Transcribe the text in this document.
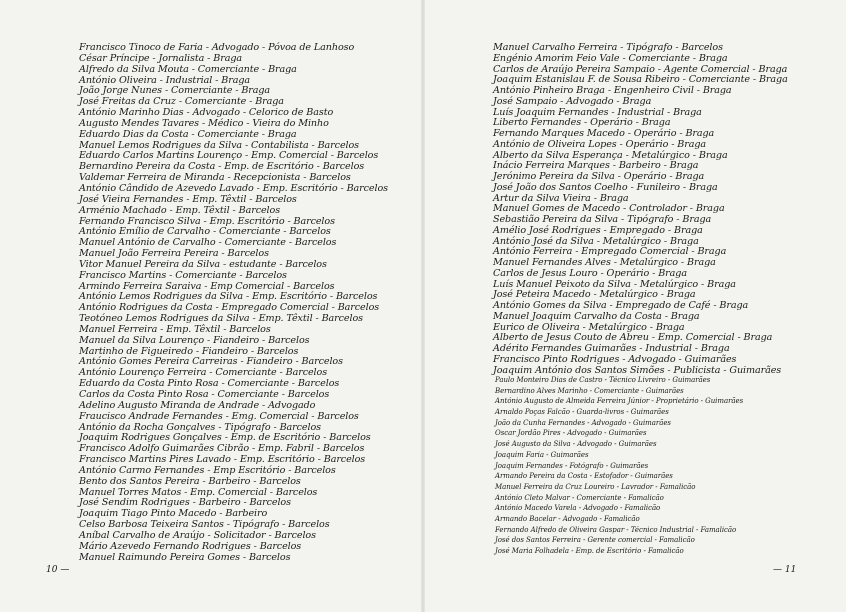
Francisco Tinoco de Faria - Advogado - Póvoa de Lanhoso
César Príncipe - Jornalista - Braga
Alfredo da Silva Mouta - Comerciante - Braga
António Oliveira - Industrial - Braga
João Jorge Nunes - Comerciante - Braga
José Freitas da Cruz - Comerciante - Braga
António Marinho Dias - Advogado - Celorico de Basto
Augusto Mendes Tavares - Médico - Vieira do Minho
Eduardo Dias da Costa - Comerciante - Braga
Manuel Lemos Rodrigues da Silva - Contabilista - Barcelos
Eduardo Carlos Martins Lourenço - Emp. Comercial - Barcelos
Bernardino Pereira da Costa - Emp. de Escritório - Barcelos
Valdemar Ferreira de Miranda - Recepcionista - Barcelos
António Cândido de Azevedo Lavado - Emp. Escritório - Barcelos
José Vieira Fernandes - Emp. Têxtil - Barcelos
Arménio Machado - Emp. Têxtil - Barcelos
Fernando Francisco Silva - Emp. Escritório - Barcelos
António Emílio de Carvalho - Comerciante - Barcelos
Manuel António de Carvalho - Comerciante - Barcelos
Manuel João Ferreira Pereira - Barcelos
Vitor Manuel Pereira da Silva - estudante - Barcelos
Francisco Martins - Comerciante - Barcelos
Armindo Ferreira Saraiva - Emp Comercial - Barcelos
António Lemos Rodrigues da Silva - Emp. Escritório - Barcelos
António Rodrigues da Costa - Empregado Comercial - Barcelos
Teotóneo Lemos Rodrigues da Silva - Emp. Têxtil - Barcelos
Manuel Ferreira - Emp. Têxtil - Barcelos
Manuel da Silva Lourenço - Fiandeiro - Barcelos
Martinho de Figueiredo - Fiandeiro - Barcelos
António Gomes Pereira Carreiras - Fiandeiro - Barcelos
António Lourenço Ferreira - Comerciante - Barcelos
Eduardo da Costa Pinto Rosa - Comerciante - Barcelos
Carlos da Costa Pinto Rosa - Comerciante - Barcelos
Adelino Augusto Miranda de Andrade - Advogado
Fraucisco Andrade Fernandes - Emg. Comercial - Barcelos
António da Rocha Gonçalves - Tipógrafo - Barcelos
Joaquim Rodrigues Gonçalves - Emp. de Escritório - Barcelos
Francisco Adolfo Guimarães Cibrão - Emp. Fabril - Barcelos
Francisco Martins Pires Lavado - Emp. Escritório - Barcelos
António Carmo Fernandes - Emp Escritório - Barcelos
Bento dos Santos Pereira - Barbeiro - Barcelos
Manuel Torres Matos - Emp. Comercial - Barcelos
José Sendim Rodrigues - Barbeiro - Barcelos
Joaquim Tiago Pinto Macedo - Barbeiro
Celso Barbosa Teixeira Santos - Tipógrafo - Barcelos
Aníbal Carvalho de Araújo - Solicitador - Barcelos
Mário Azevedo Fernando Rodrigues - Barcelos
Manuel Raimundo Pereira Gomes - Barcelos
10 —
Manuel Carvalho Ferreira - Tipógrafo - Barcelos
Engénio Amorim Feio Vale - Comerciante - Braga
Carlos de Araújo Pereira Sampaio - Agente Comercial - Braga
Joaquim Estanislau F. de Sousa Ribeiro - Comerciante - Braga
António Pinheiro Braga - Engenheiro Civil - Braga
José Sampaio - Advogado - Braga
Luís Joaquim Fernandes - Industrial - Braga
Liberto Fernandes - Operário - Braga
Fernando Marques Macedo - Operário - Braga
António de Oliveira Lopes - Operário - Braga
Alberto da Silva Esperança - Metalúrgico - Braga
Inácio Ferreira Marques - Barbeiro - Braga
Jerónimo Pereira da Silva - Operário - Braga
José João dos Santos Coelho - Funileiro - Braga
Artur da Silva Vieira - Braga
Manuel Gomes de Macedo - Controlador - Braga
Sebastião Pereira da Silva - Tipógrafo - Braga
Amélio José Rodrigues - Empregado - Braga
António José da Silva - Metalúrgico - Braga
António Ferreira - Empregado Comercial - Braga
Manuel Fernandes Alves - Metalúrgico - Braga
Carlos de Jesus Louro - Operário - Braga
Luís Manuel Peixoto da Silva - Metalúrgico - Braga
José Peteira Macedo - Metalúrgico - Braga
António Gomes da Silva - Empregado de Café - Braga
Manuel Joaquim Carvalho da Costa - Braga
Eurico de Oliveira - Metalúrgico - Braga
Alberto de Jesus Couto de Abreu - Emp. Comercial - Braga
Adérito Fernandes Guimarães - Industrial - Braga
Francisco Pinto Rodrigues - Advogado - Guimarães
Joaquim António dos Santos Simões - Publicista - Guimarães
Paulo Monteiro Dias de Castro - Técnico Livreiro - Guimarães
Bernardino Alves Marinho - Comerciante - Guimarães
António Augusto de Almeida Ferreira Júnior - Proprietário - Guimarães
Arnaldo Poças Falcão - Guarda-livros - Guimarães
João da Cunha Fernandes - Advogado - Guimarães
Oscar Jordão Pires - Advogado - Guimarães
José Augusto da Silva - Advogado - Guimarães
Joaquim Faria - Guimarães
Joaquim Fernandes - Fotógrafo - Guimarães
Armando Pereira da Costa - Estofador - Guimarães
Manuel Ferreira da Cruz Loureiro - Lavrador - Famalicão
António Cleto Malvar - Comerciante - Famalicão
António Macedo Varela - Advogado - Famalicão
Armando Bacelar - Advogado - Famalicão
Fernando Alfredo de Oliveira Gaspar - Técnico Industrial - Famalicão
José dos Santos Ferreira - Gerente comercial - Famalicão
José Maria Folhadela - Emp. de Escritório - Famalicão
— 11
